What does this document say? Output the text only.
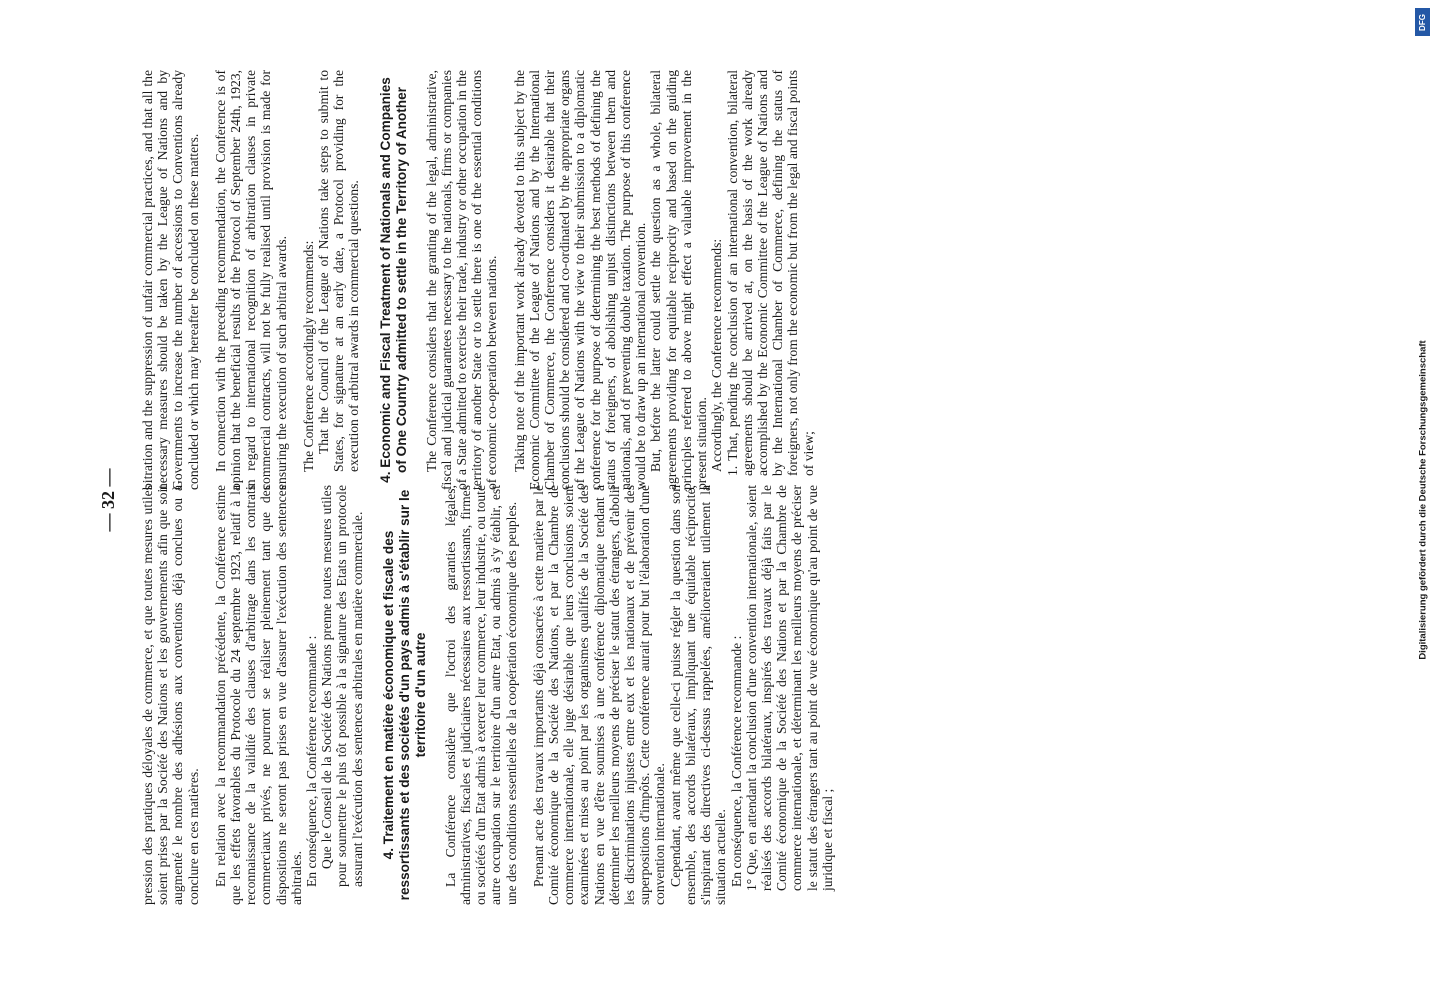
— 32 — pression des pratiques déloyales de commerce, et que toutes mesures utiles soient prises par la Société des Nations et les gouvernements afin que soit augmenté le nombre des adhésions aux conventions déjà conclues ou à conclure en ces matières. En relation avec la recommandation précédente, la Conférence estime que les effets favorables du Protocole du 24 septembre 1923, relatif à la reconnaissance de la validité des clauses d'arbitrage dans les contrats commerciaux privés, ne pourront se réaliser pleinement tant que des dispositions ne seront pas prises en vue d'assurer l'exécution des sentences arbitrales. En conséquence, la Conférence recommande : Que le Conseil de la Société des Nations prenne toutes mesures utiles pour soumettre le plus tôt possible à la signature des Etats un protocole assurant l'exécution des sentences arbitrales en matière commerciale. 4. Traitement en matière économique et fiscale des ressortissants et des sociétés d'un pays admis à s'établir sur le territoire d'un autre La Conférence considère que l'octroi des garanties légales, administratives, fiscales et judiciaires nécessaires aux ressortissants, firmes ou sociétés d'un Etat admis à exercer leur commerce, leur industrie, ou toute autre occupation sur le territoire d'un autre Etat, ou admis à s'y établir, est une des conditions essentielles de la coopération économique des peuples. Prenant acte des travaux importants déjà consacrés à cette matière par le Comité économique de la Société des Nations, et par la Chambre de commerce internationale, elle juge désirable que leurs conclusions soient examinées et mises au point par les organismes qualifiés de la Société des Nations en vue d'être soumises à une conférence diplomatique tendant à déterminer les meilleurs moyens de préciser le statut des étrangers, d'abolir les discriminations injustes entre eux et les nationaux et de prévenir des superpositions d'impôts. Cette conférence aurait pour but l'élaboration d'une convention internationale. Cependant, avant même que celle-ci puisse régler la question dans son ensemble, des accords bilatéraux, impliquant une équitable réciprocité, s'inspirant des directives ci-dessus rappelées, amélioreraient utilement la situation actuelle. En conséquence, la Conférence recommande : 1° Que, en attendant la conclusion d'une convention internationale, soient réalisés des accords bilatéraux, inspirés des travaux déjà faits par le Comité économique de la Société des Nations et par la Chambre de commerce internationale, et déterminant les meilleurs moyens de préciser le statut des étrangers tant au point de vue économique qu'au point de vue juridique et fiscal ;

bitration and the suppression of unfair commercial practices, and that all the necessary measures should be taken by the League of Nations and by Governments to increase the number of accessions to Conventions already concluded or which may hereafter be concluded on these matters. In connection with the preceding recommendation, the Conference is of opinion that the beneficial results of the Protocol of September 24th, 1923, in regard to international recognition of arbitration clauses in private commercial contracts, will not be fully realised until provision is made for ensuring the execution of such arbitral awards. The Conference accordingly recommends: That the Council of the League of Nations take steps to submit to States, for signature at an early date, a Protocol providing for the execution of arbitral awards in commercial questions. 4. Economic and Fiscal Treatment of Nationals and Companies of One Country admitted to settle in the Territory of Another The Conference considers that the granting of the legal, administrative, fiscal and judicial guarantees necessary to the nationals, firms or companies of a State admitted to exercise their trade, industry or other occupation in the territory of another State or to settle there is one of the essential conditions of economic co-operation between nations. Taking note of the important work already devoted to this subject by the Economic Committee of the League of Nations and by the International Chamber of Commerce, the Conference considers it desirable that their conclusions should be considered and co-ordinated by the appropriate organs of the League of Nations with the view to their submission to a diplomatic conference for the purpose of determining the best methods of defining the status of foreigners, of abolishing unjust distinctions between them and nationals, and of preventing double taxation. The purpose of this conference would be to draw up an international convention. But, before the latter could settle the question as a whole, bilateral agreements providing for equitable reciprocity and based on the guiding principles referred to above might effect a valuable improvement in the present situation. Accordingly, the Conference recommends: 1. That, pending the conclusion of an international convention, bilateral agreements should be arrived at, on the basis of the work already accomplished by the Economic Committee of the League of Nations and by the International Chamber of Commerce, defining the status of foreigners, not only from the economic but from the legal and fiscal points of view;

DFG
Digitalisierung gefördert durch die Deutsche Forschungsgemeinschaft
